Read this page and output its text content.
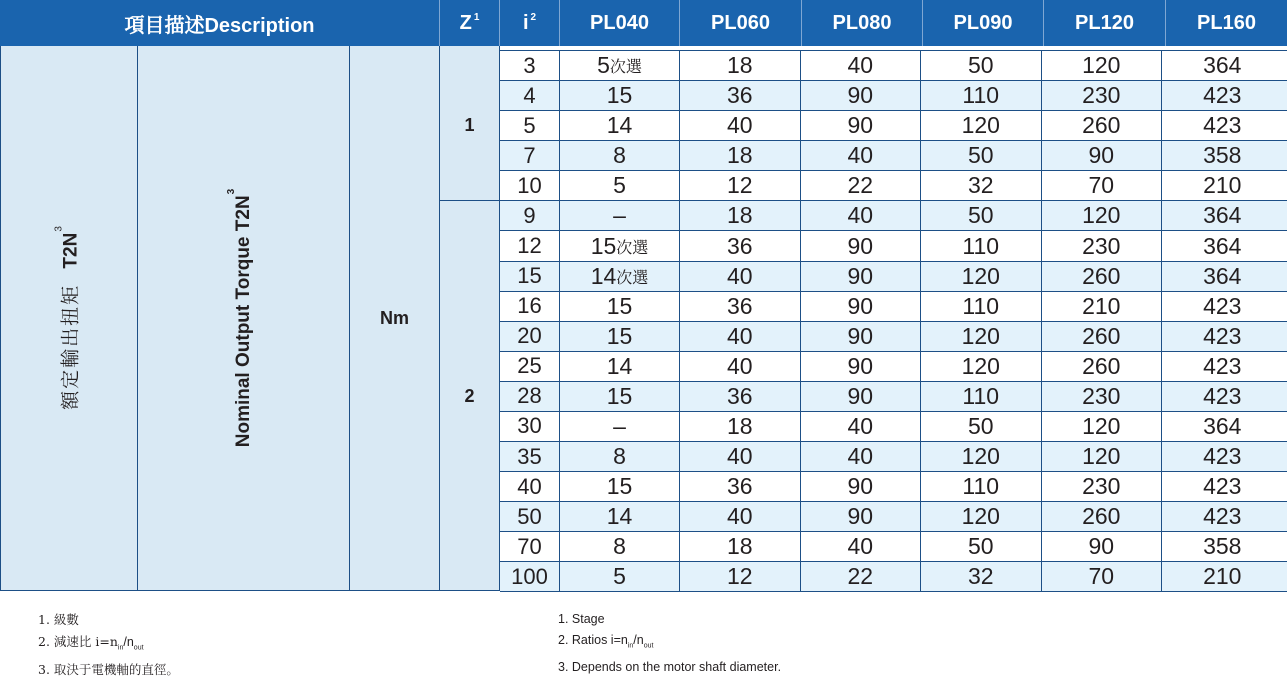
項目描述Description	$Z^1$ $i^2$	PL040	PL060	PL080	PL090	PL120	PL160
額定輸出扭矩 $T2N^3$	Nominal Output Torque $T2N^3$
Nm
1
2
3	5 次選	18	40	50	120	364
4	15	36	90	110	230	423
5	14	40	90	120	260	423
7	8	18	40	50	90	358
10	5	12	22	32	70	210
9	–	18	40	50	120	364
12	15 次選	36	90	110	230	364
15	14 次選	40	90	120	260	364
16	15	36	90	110	210	423
20	15	40	90	120	260	423
25	14	40	90	120	260	423
28	15	36	90	110	230	423
30	–	18	40	50	120	364
35	8	40	40	120	120	423
40	15	36	90	110	230	423
50	14	40	90	120	260	423
70	8	18	40	50	90	358
100	5	12	22	32	70	210
1. 級數
2. 減速比 $i=n_{in}/n_{out}$
3. 取決于電機軸的直徑。
1. Stage
2. Ratios $i=n_{in}/n_{out}$
3. Depends on the motor shaft diameter.
